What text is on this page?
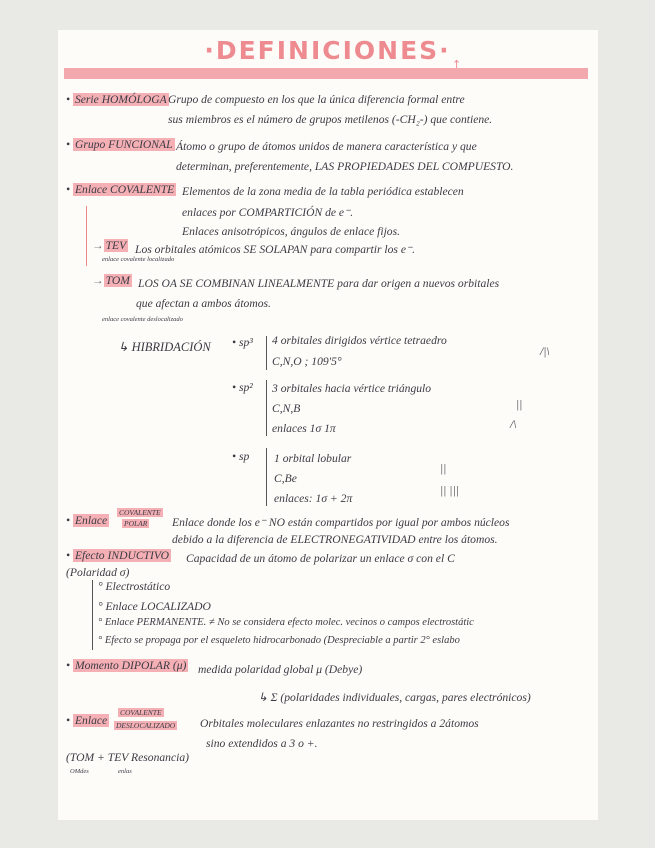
·DEFINICIONES· ↑
• Serie HOMÓLOGA Grupo de compuesto en los que la única diferencia formal entre
sus miembros es el número de grupos metilenos (-CH₂-) que contiene.
• Grupo FUNCIONAL Átomo o grupo de átomos unidos de manera característica y que
determinan, preferentemente, LAS PROPIEDADES DEL COMPUESTO.
• Enlace COVALENTE Elementos de la zona media de la tabla periódica establecen
enlaces por COMPARTICIÓN de e⁻.
Enlaces anisotrópicos, ángulos de enlace fijos.
→ TEV Los orbitales atómicos SE SOLAPAN para compartir los e⁻.
enlace covalente localizado
→ TOM LOS OA SE COMBINAN LINEALMENTE para dar origen a nuevos orbitales
que afectan a ambos átomos.
enlace covalente deslocalizado
↳ HIBRIDACIÓN • sp³ 4 orbitales dirigidos vértice tetraedro
C,N,O ; 109'5°
/|\
• sp² 3 orbitales hacia vértice triángulo
C,N,B
enlaces 1σ 1π
||
/\
• sp 1 orbital lobular
C,Be
enlaces: 1σ + 2π
||
|| |||
• Enlace
COVALENTE
POLAR Enlace donde los e⁻ NO están compartidos por igual por ambos núcleos
debido a la diferencia de ELECTRONEGATIVIDAD entre los átomos.
• Efecto INDUCTIVO Capacidad de un átomo de polarizar un enlace σ con el C
(Polaridad σ)
° Electrostático
° Enlace LOCALIZADO
° Enlace PERMANENTE. ≠ No se considera efecto molec. vecinos o campos electrostátic
° Efecto se propaga por el esqueleto hidrocarbonado (Despreciable a partir 2° eslabo
• Momento DIPOLAR (μ) medida polaridad global μ (Debye)
↳ Σ (polaridades individuales, cargas, pares electrónicos)
• Enlace
COVALENTE
DESLOCALIZADO Orbitales moleculares enlazantes no restringidos a 2átomos
sino extendidos a 3 o +.
(TOM + TEV Resonancia)
OMdes	enlas
